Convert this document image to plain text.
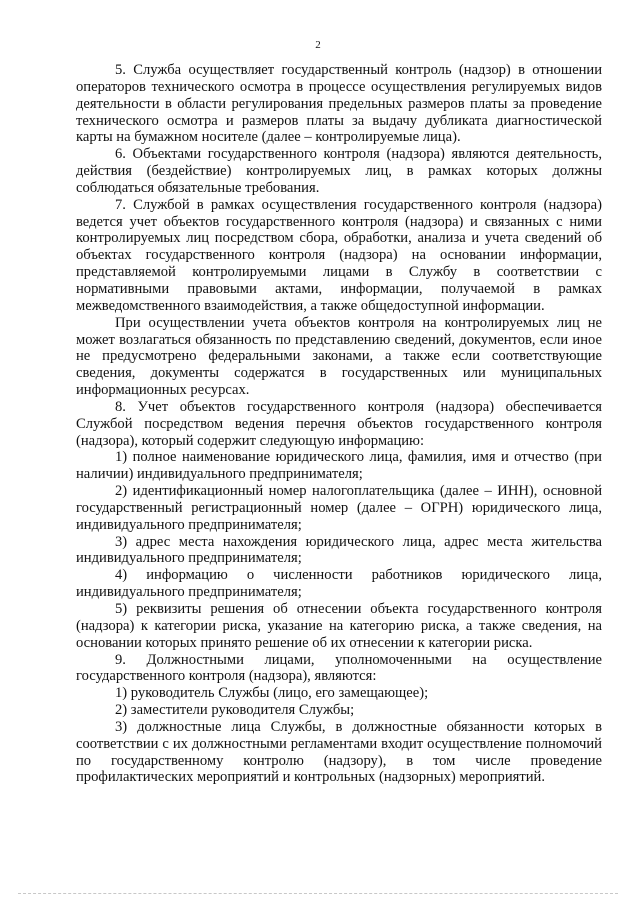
2

5. Служба осуществляет государственный контроль (надзор) в отношении операторов технического осмотра в процессе осуществления регулируемых видов деятельности в области регулирования предельных размеров платы за проведение технического осмотра и размеров платы за выдачу дубликата диагностической карты на бумажном носителе (далее – контролируемые лица).

6. Объектами государственного контроля (надзора) являются деятельность, действия (бездействие) контролируемых лиц, в рамках которых должны соблюдаться обязательные требования.

7. Службой в рамках осуществления государственного контроля (надзора) ведется учет объектов государственного контроля (надзора) и связанных с ними контролируемых лиц посредством сбора, обработки, анализа и учета сведений об объектах государственного контроля (надзора) на основании информации, представляемой контролируемыми лицами в Службу в соответствии с нормативными правовыми актами, информации, получаемой в рамках межведомственного взаимодействия, а также общедоступной информации.

При осуществлении учета объектов контроля на контролируемых лиц не может возлагаться обязанность по представлению сведений, документов, если иное не предусмотрено федеральными законами, а также если соответствующие сведения, документы содержатся в государственных или муниципальных информационных ресурсах.

8. Учет объектов государственного контроля (надзора) обеспечивается Службой посредством ведения перечня объектов государственного контроля (надзора), который содержит следующую информацию:

1) полное наименование юридического лица, фамилия, имя и отчество (при наличии) индивидуального предпринимателя;

2) идентификационный номер налогоплательщика (далее – ИНН), основной государственный регистрационный номер (далее – ОГРН) юридического лица, индивидуального предпринимателя;

3) адрес места нахождения юридического лица, адрес места жительства индивидуального предпринимателя;

4) информацию о численности работников юридического лица, индивидуального предпринимателя;

5) реквизиты решения об отнесении объекта государственного контроля (надзора) к категории риска, указание на категорию риска, а также сведения, на основании которых принято решение об их отнесении к категории риска.

9. Должностными лицами, уполномоченными на осуществление государственного контроля (надзора), являются:

1) руководитель Службы (лицо, его замещающее);

2) заместители руководителя Службы;

3) должностные лица Службы, в должностные обязанности которых в соответствии с их должностными регламентами входит осуществление полномочий по государственному контролю (надзору), в том числе проведение профилактических мероприятий и контрольных (надзорных) мероприятий.
